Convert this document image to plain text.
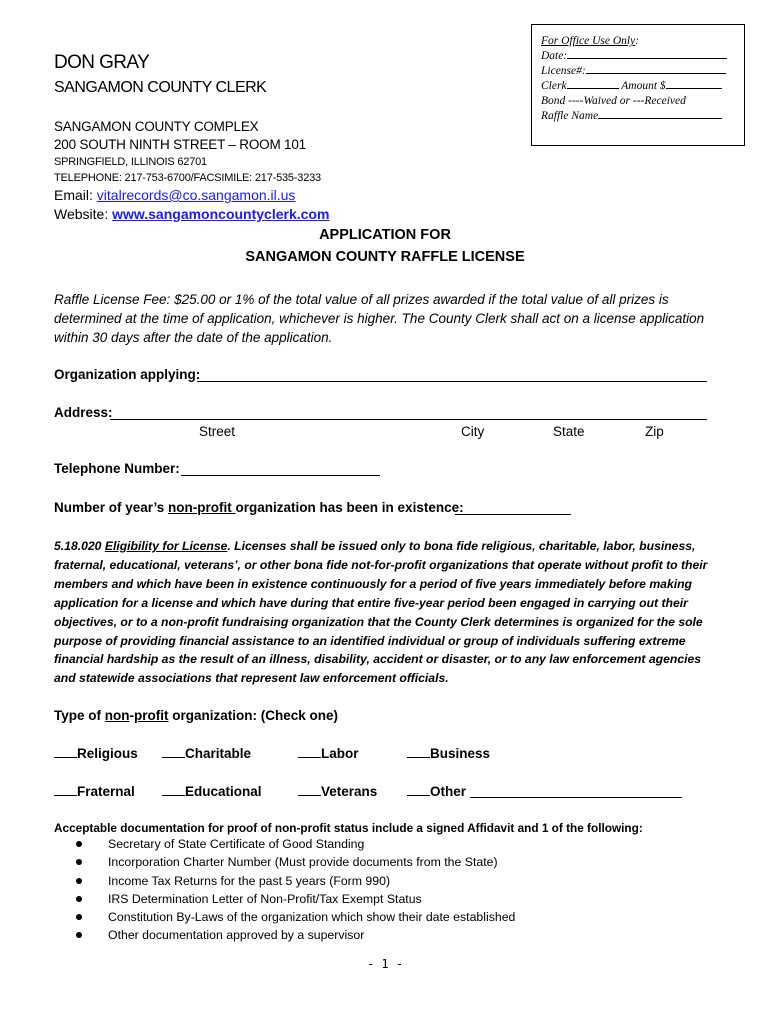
For Office Use Only:
Date:
License#:
Clerk	Amount $
Bond ----Waived or ---Received
Raffle Name
DON GRAY
SANGAMON COUNTY CLERK
SANGAMON COUNTY COMPLEX
200 SOUTH NINTH STREET – ROOM 101
SPRINGFIELD, ILLINOIS 62701
TELEPHONE: 217-753-6700/FACSIMILE: 217-535-3233
Email: vitalrecords@co.sangamon.il.us
Website: www.sangamoncountyclerk.com
APPLICATION FOR
SANGAMON COUNTY RAFFLE LICENSE
Raffle License Fee: $25.00 or 1% of the total value of all prizes awarded if the total value of all prizes is determined at the time of application, whichever is higher. The County Clerk shall act on a license application within 30 days after the date of the application.
Organization applying:
Address:
Street	City	State	Zip
Telephone Number:
Number of year’s non-profit organization has been in existence:
5.18.020 Eligibility for License. Licenses shall be issued only to bona fide religious, charitable, labor, business, fraternal, educational, veterans’, or other bona fide not-for-profit organizations that operate without profit to their members and which have been in existence continuously for a period of five years immediately before making application for a license and which have during that entire five-year period been engaged in carrying out their objectives, or to a non-profit fundraising organization that the County Clerk determines is organized for the sole purpose of providing financial assistance to an identified individual or group of individuals suffering extreme financial hardship as the result of an illness, disability, accident or disaster, or to any law enforcement agencies and statewide associations that represent law enforcement officials.
Type of non-profit organization: (Check one)
Religious	Charitable	Labor	Business
Fraternal	Educational	Veterans	Other
Acceptable documentation for proof of non-profit status include a signed Affidavit and 1 of the following:
Secretary of State Certificate of Good Standing
Incorporation Charter Number (Must provide documents from the State)
Income Tax Returns for the past 5 years (Form 990)
IRS Determination Letter of Non-Profit/Tax Exempt Status
Constitution By-Laws of the organization which show their date established
Other documentation approved by a supervisor
- 1 -
